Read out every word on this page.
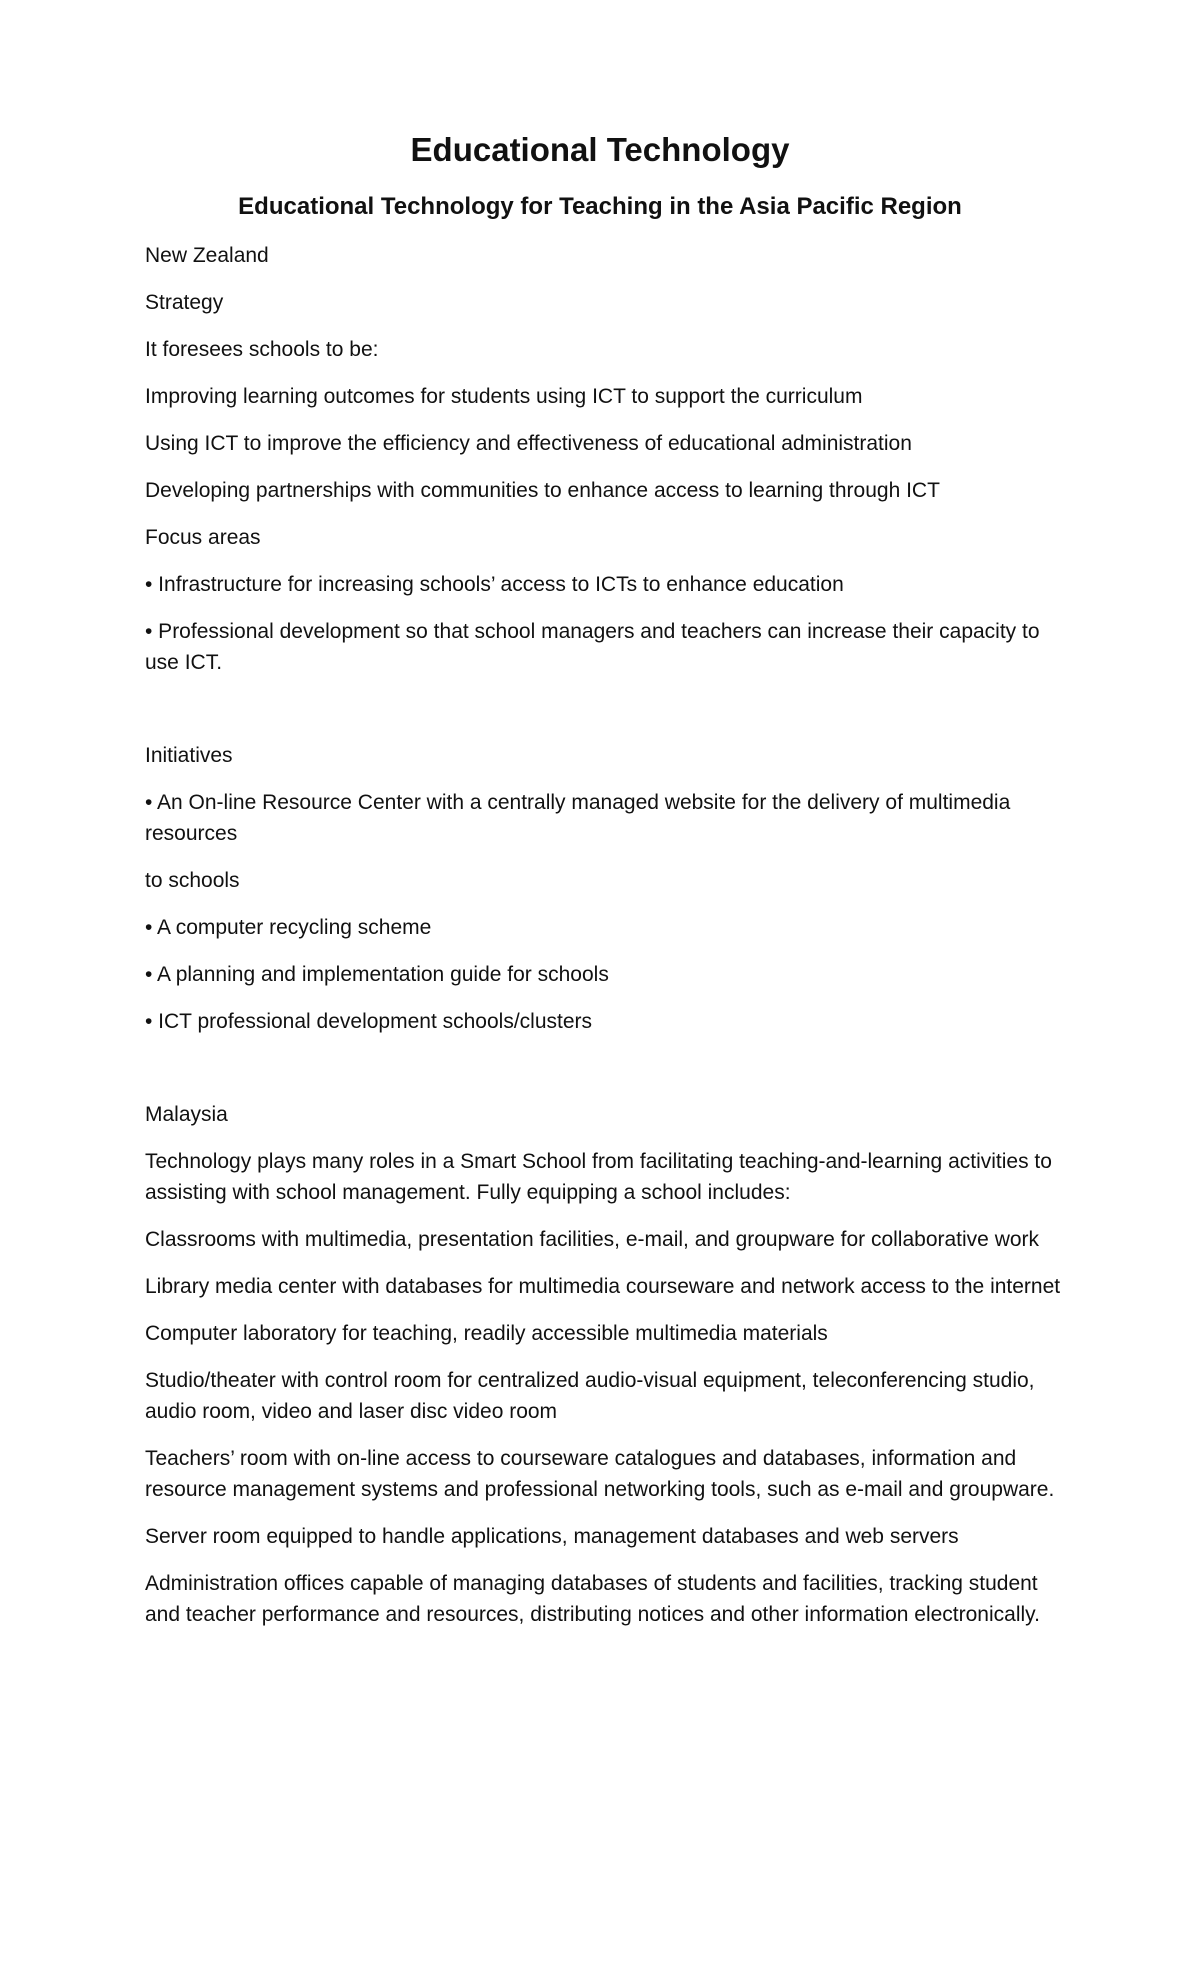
Educational Technology
Educational Technology for Teaching in the Asia Pacific Region

New Zealand

Strategy

It foresees schools to be:

Improving learning outcomes for students using ICT to support the curriculum

Using ICT to improve the efficiency and effectiveness of educational administration

Developing partnerships with communities to enhance access to learning through ICT

Focus areas

• Infrastructure for increasing schools’ access to ICTs to enhance education

• Professional development so that school managers and teachers can increase their capacity to use ICT.

Initiatives

• An On-line Resource Center with a centrally managed website for the delivery of multimedia resources

to schools

• A computer recycling scheme

• A planning and implementation guide for schools

• ICT professional development schools/clusters

Malaysia

Technology plays many roles in a Smart School from facilitating teaching-and-learning activities to assisting with school management. Fully equipping a school includes:

Classrooms with multimedia, presentation facilities, e-mail, and groupware for collaborative work

Library media center with databases for multimedia courseware and network access to the internet

Computer laboratory for teaching, readily accessible multimedia materials

Studio/theater with control room for centralized audio-visual equipment, teleconferencing studio, audio room, video and laser disc video room

Teachers’ room with on-line access to courseware catalogues and databases, information and resource management systems and professional networking tools, such as e-mail and groupware.

Server room equipped to handle applications, management databases and web servers

Administration offices capable of managing databases of students and facilities, tracking student and teacher performance and resources, distributing notices and other information electronically.
